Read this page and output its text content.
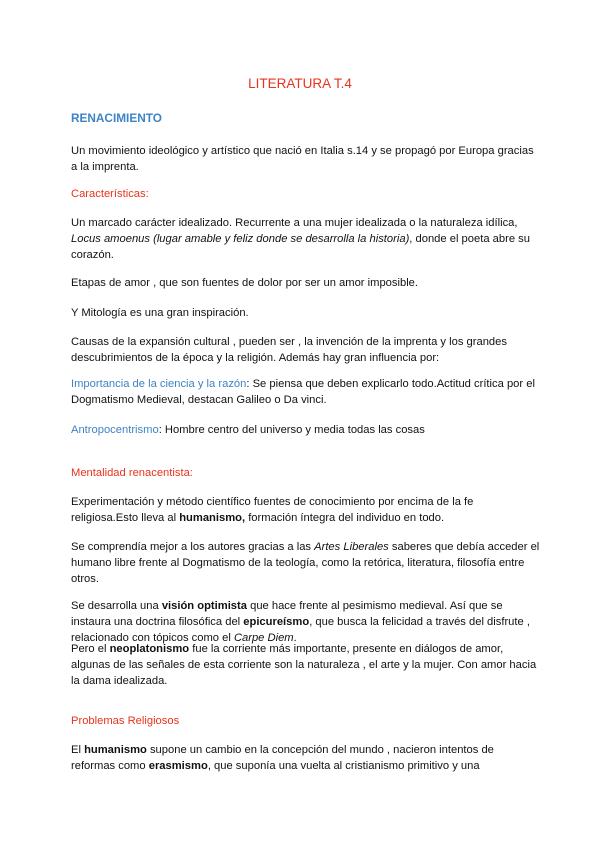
LITERATURA T.4
RENACIMIENTO
Un movimiento ideológico y artístico que nació en Italia s.14 y se propagó por Europa gracias a la imprenta.
Características:
Un marcado carácter idealizado. Recurrente a una mujer idealizada o la naturaleza idílica,
Locus amoenus (lugar amable y feliz donde se desarrolla la historia), donde el poeta abre su corazón.
Etapas de amor , que son fuentes de dolor por ser un amor imposible.
Y Mitología es una gran inspiración.
Causas de la expansión cultural , pueden ser , la invención de la imprenta y los grandes descubrimientos de la época y la religión. Además hay gran influencia por:
Importancia de la ciencia y la razón: Se piensa que deben explicarlo todo.Actitud crítica por el Dogmatismo Medieval, destacan Galileo o Da vinci.
Antropocentrismo: Hombre centro del universo y media todas las cosas
Mentalidad renacentista:
Experimentación y método científico fuentes de conocimiento por encima de la fe religiosa.Esto lleva al humanismo, formación íntegra del individuo en todo.
Se comprendía mejor a los autores gracias a las Artes Liberales saberes que debía acceder el humano libre frente al Dogmatismo de la teología, como la retórica, literatura, filosofía entre otros.
Se desarrolla una visión optimista que hace frente al pesimismo medieval. Así que se instaura una doctrina filosófica del epicureísmo, que busca la felicidad a través del disfrute , relacionado con tópicos como el Carpe Diem.
Pero el neoplatonismo fue la corriente más importante, presente en diálogos de amor, algunas de las señales de esta corriente son la naturaleza , el arte y la mujer. Con amor hacia la dama idealizada.
Problemas Religiosos
El humanismo supone un cambio en la concepción del mundo , nacieron intentos de reformas como erasmismo, que suponía una vuelta al cristianismo primitivo y una
